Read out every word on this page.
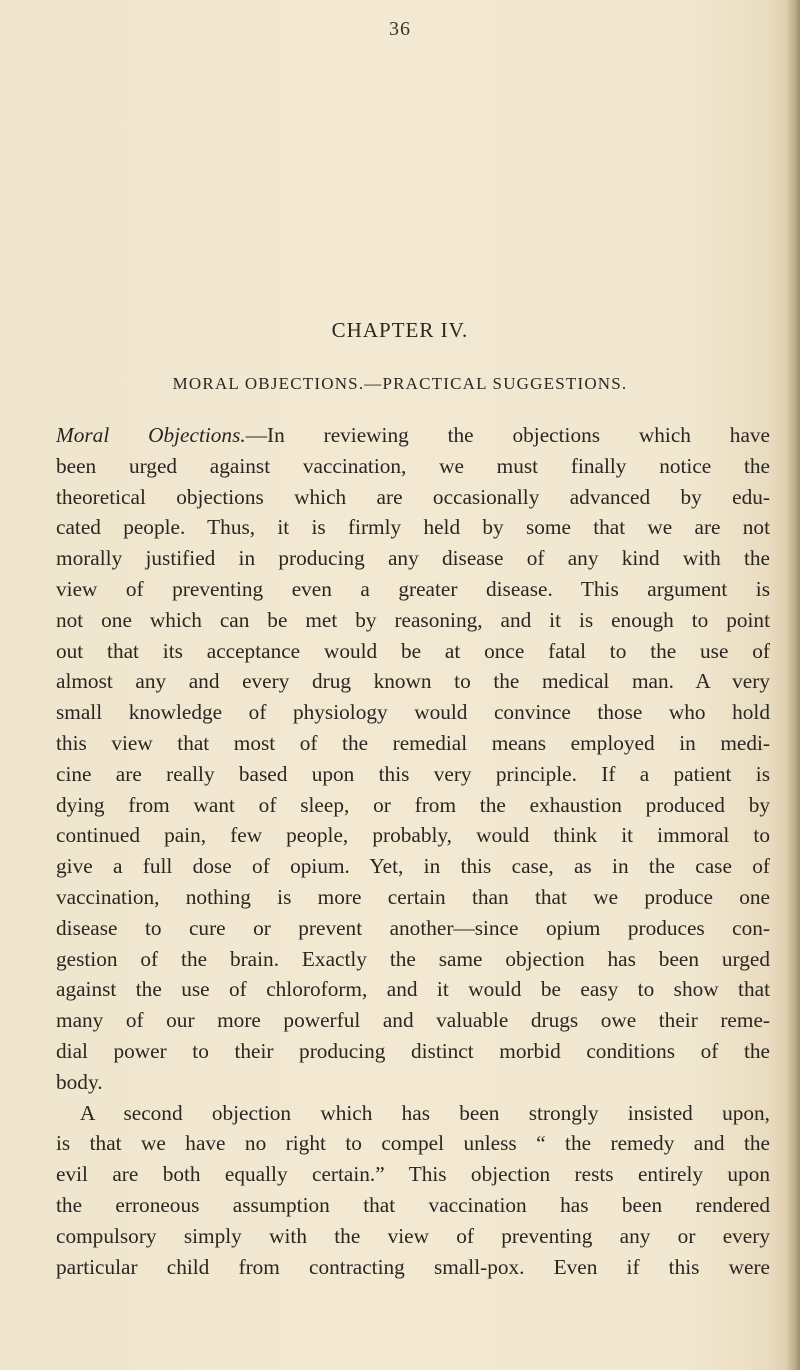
36
CHAPTER IV.
MORAL OBJECTIONS.—PRACTICAL SUGGESTIONS.
Moral Objections.—In reviewing the objections which have
been urged against vaccination, we must finally notice the
theoretical objections which are occasionally advanced by edu-
cated people. Thus, it is firmly held by some that we are not
morally justified in producing any disease of any kind with the
view of preventing even a greater disease. This argument is
not one which can be met by reasoning, and it is enough to point
out that its acceptance would be at once fatal to the use of
almost any and every drug known to the medical man. A very
small knowledge of physiology would convince those who hold
this view that most of the remedial means employed in medi-
cine are really based upon this very principle. If a patient is
dying from want of sleep, or from the exhaustion produced by
continued pain, few people, probably, would think it immoral to
give a full dose of opium. Yet, in this case, as in the case of
vaccination, nothing is more certain than that we produce one
disease to cure or prevent another—since opium produces con-
gestion of the brain. Exactly the same objection has been urged
against the use of chloroform, and it would be easy to show that
many of our more powerful and valuable drugs owe their reme-
dial power to their producing distinct morbid conditions of the
body.
A second objection which has been strongly insisted upon,
is that we have no right to compel unless “ the remedy and the
evil are both equally certain.” This objection rests entirely upon
the erroneous assumption that vaccination has been rendered
compulsory simply with the view of preventing any or every
particular child from contracting small-pox. Even if this were
